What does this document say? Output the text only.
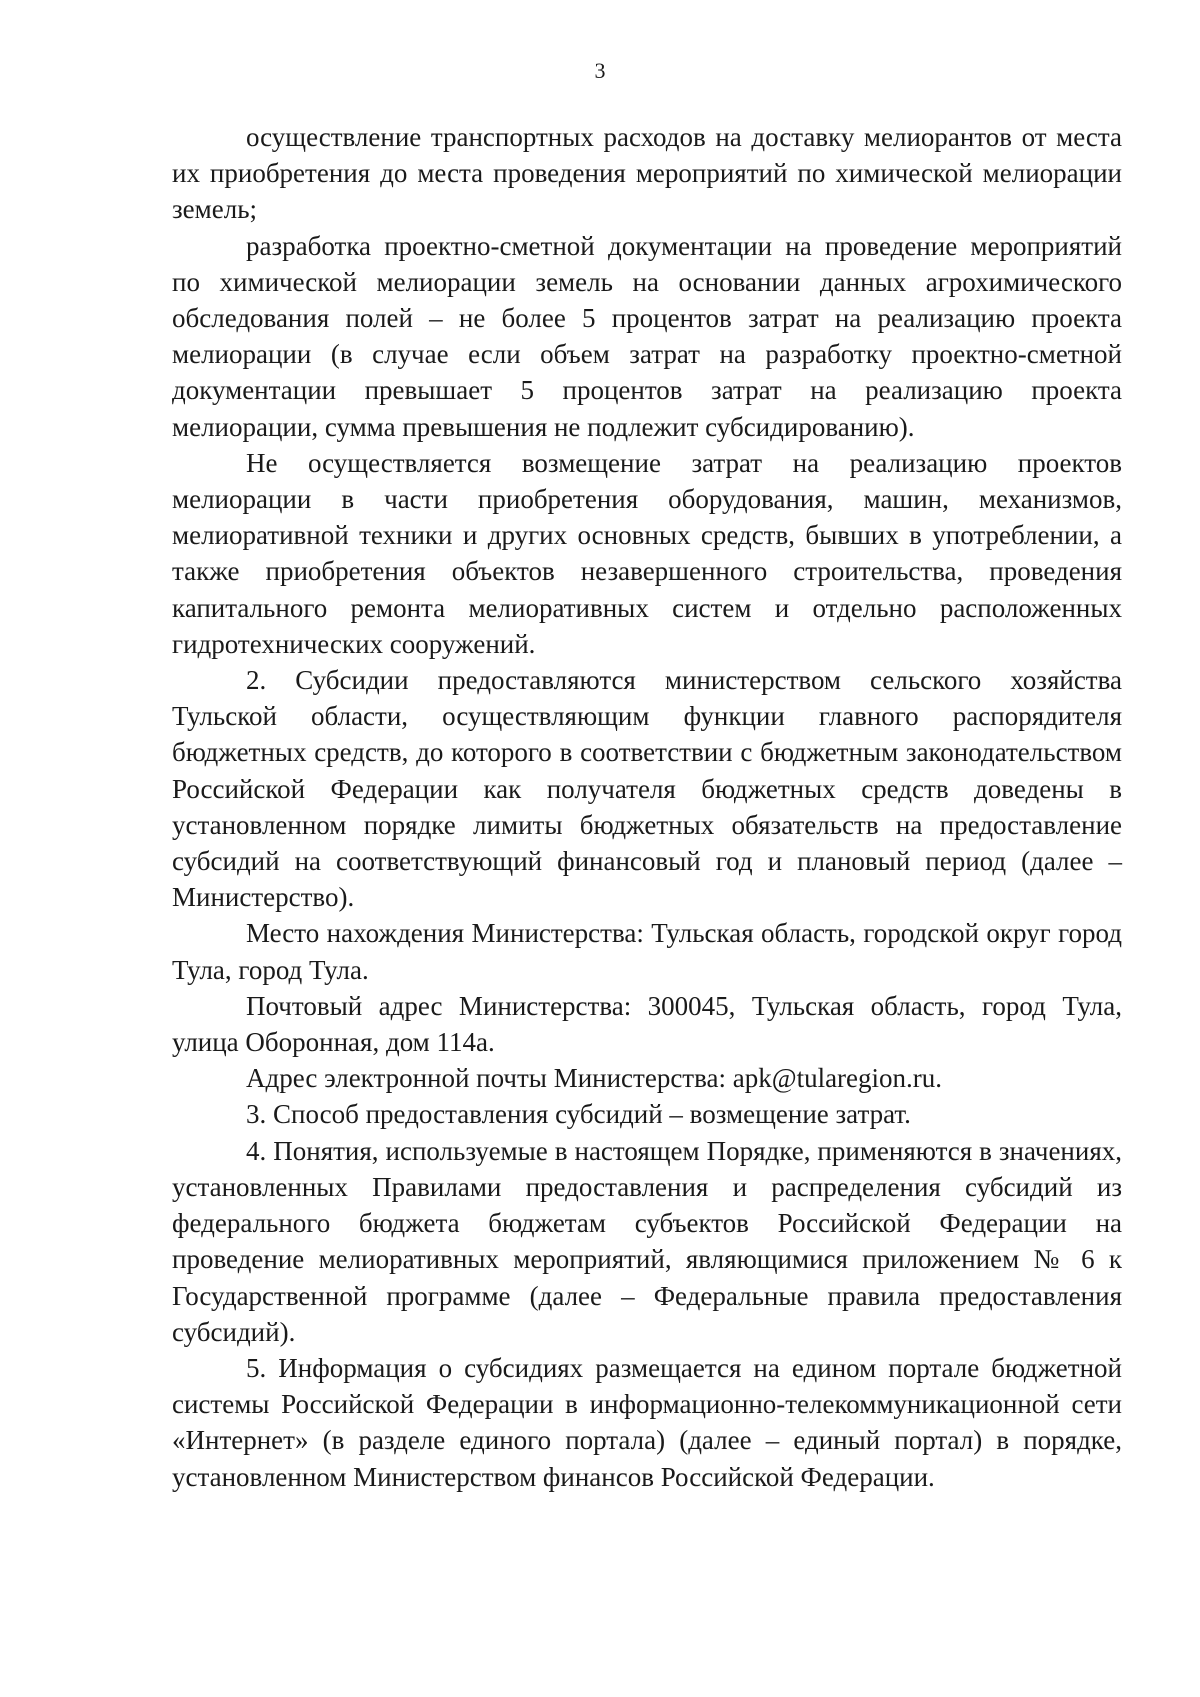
3

осуществление транспортных расходов на доставку мелиорантов от места их приобретения до места проведения мероприятий по химической мелиорации земель;

разработка проектно-сметной документации на проведение мероприятий по химической мелиорации земель на основании данных агрохимического обследования полей – не более 5 процентов затрат на реализацию проекта мелиорации (в случае если объем затрат на разработку проектно-сметной документации превышает 5 процентов затрат на реализацию проекта мелиорации, сумма превышения не подлежит субсидированию).

Не осуществляется возмещение затрат на реализацию проектов мелиорации в части приобретения оборудования, машин, механизмов, мелиоративной техники и других основных средств, бывших в употреблении, а также приобретения объектов незавершенного строительства, проведения капитального ремонта мелиоративных систем и отдельно расположенных гидротехнических сооружений.

2. Субсидии предоставляются министерством сельского хозяйства Тульской области, осуществляющим функции главного распорядителя бюджетных средств, до которого в соответствии с бюджетным законодательством Российской Федерации как получателя бюджетных средств доведены в установленном порядке лимиты бюджетных обязательств на предоставление субсидий на соответствующий финансовый год и плановый период (далее – Министерство).

Место нахождения Министерства: Тульская область, городской округ город Тула, город Тула.

Почтовый адрес Министерства: 300045, Тульская область, город Тула, улица Оборонная, дом 114а.

Адрес электронной почты Министерства: apk@tularegion.ru.

3. Способ предоставления субсидий – возмещение затрат.

4. Понятия, используемые в настоящем Порядке, применяются в значениях, установленных Правилами предоставления и распределения субсидий из федерального бюджета бюджетам субъектов Российской Федерации на проведение мелиоративных мероприятий, являющимися приложением № 6 к Государственной программе (далее – Федеральные правила предоставления субсидий).

5. Информация о субсидиях размещается на едином портале бюджетной системы Российской Федерации в информационно-телекоммуникационной сети «Интернет» (в разделе единого портала) (далее – единый портал) в порядке, установленном Министерством финансов Российской Федерации.
